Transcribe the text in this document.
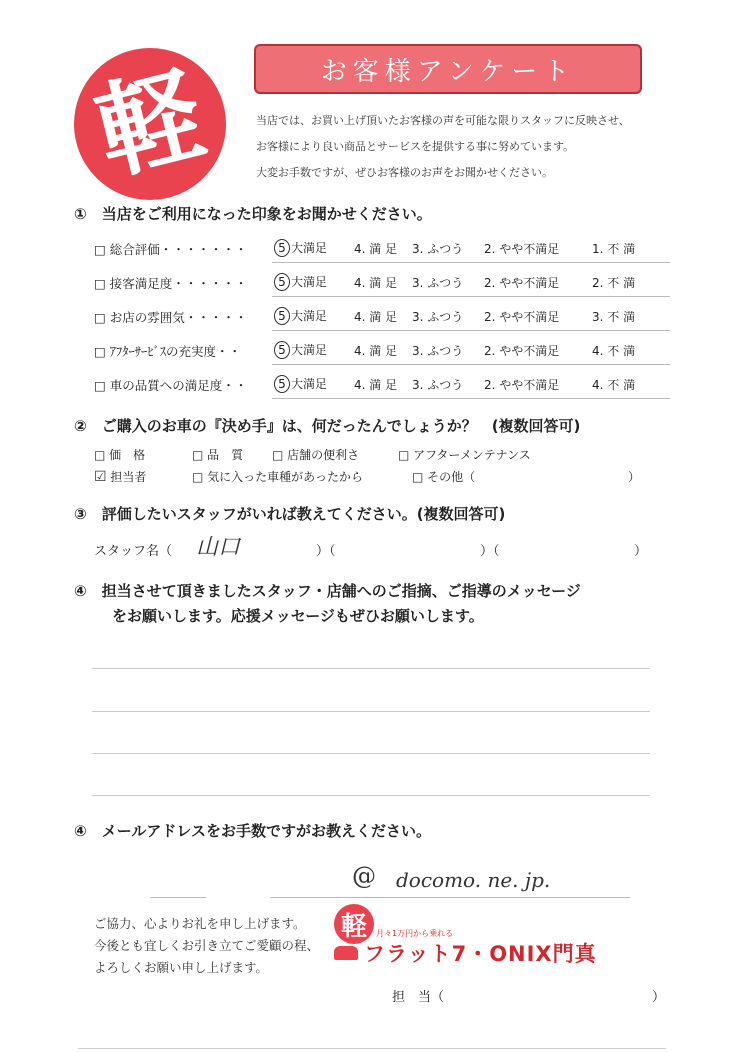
軽	お客様アンケート
当店では、お買い上げ頂いたお客様の声を可能な限りスタッフに反映させ、
お客様により良い商品とサービスを提供する事に努めています。
大変お手数ですが、ぜひお客様のお声をお聞かせください。
①　当店をご利用になった印象をお聞かせください。
□ 総合評価・・・・・・・	5 大満足 4. 満 足 3. ふつう 2. やや不満足	1. 不 満
□ 接客満足度・・・・・・	5 大満足 4. 満 足 3. ふつう 2. やや不満足	2. 不 満
□ お店の雰囲気・・・・・	5 大満足 4. 満 足 3. ふつう 2. やや不満足	3. 不 満
□ ｱﾌﾀｰｻｰﾋﾞｽの充実度・・	5 大満足 4. 満 足 3. ふつう 2. やや不満足	4. 不 満
□ 車の品質への満足度・・	5 大満足 4. 満 足 3. ふつう 2. やや不満足	4. 不 満
②　ご購入のお車の『決め手』は、何だったんでしょうか？　(複数回答可)
□ 価　格	□ 品　質 □ 店舗の便利さ	□ アフターメンテナンス
☑ 担当者	□ 気に入った車種があったから	□ その他（	）
③　評価したいスタッフがいれば教えてください。(複数回答可)
スタッフ名（ 山口	）（	）（	）
④　担当させて頂きましたスタッフ・店舗へのご指摘、ご指導のメッセージ
をお願いします。応援メッセージもぜひお願いします。
④　メールアドレスをお手数ですがお教えください。
@ docomo. ne. jp.
ご協力、心よりお礼を申し上げます。
今後とも宜しくお引き立てご愛顧の程、
よろしくお願い申し上げます。
軽 月々1万円から乗れる
フラット7・ONIX門真
担　当（	）
